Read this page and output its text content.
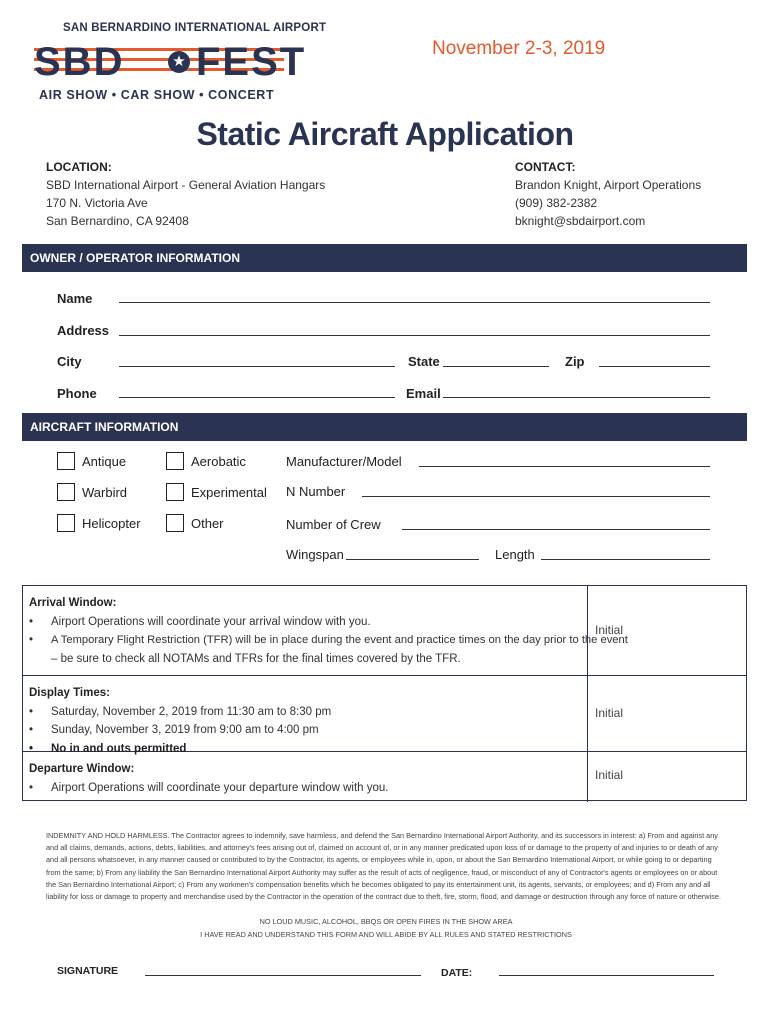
SAN BERNARDINO INTERNATIONAL AIRPORT
SBD	★ FEST
AIR SHOW • CAR SHOW • CONCERT
November 2-3, 2019
Static Aircraft Application
LOCATION:
SBD International Airport - General Aviation Hangars
170 N. Victoria Ave
San Bernardino, CA 92408
CONTACT:
Brandon Knight, Airport Operations
(909) 382-2382
bknight@sbdairport.com
OWNER / OPERATOR INFORMATION
Name
Address
City	State	Zip
Phone	Email
AIRCRAFT INFORMATION
Antique	Aerobatic
Warbird	Experimental
Helicopter	Other
Manufacturer/Model
N Number
Number of Crew
Wingspan	Length
Arrival Window:
•	Airport Operations will coordinate your arrival window with you.
•	A Temporary Flight Restriction (TFR) will be in place during the event and practice times on the day prior to the event
– be sure to check all NOTAMs and TFRs for the final times covered by the TFR.
Initial
Display Times:
•	Saturday, November 2, 2019 from 11:30 am to 8:30 pm
•	Sunday, November 3, 2019 from 9:00 am to 4:00 pm
•	No in and outs permitted
Initial
Departure Window:
•	Airport Operations will coordinate your departure window with you.
Initial
INDEMNITY AND HOLD HARMLESS. The Contractor agrees to indemnify, save harmless, and defend the San Bernardino International Airport Authority, and its successors in interest: a) From and against any and all claims, demands, actions, debts, liabilities, and attorney's fees arising out of, claimed on account of, or in any manner predicated upon loss of or damage to the property of and injuries to or death of any and all persons whatsoever, in any manner caused or contributed to by the Contractor, its agents, or employees while in, upon, or about the San Bernardino International Airport, or while going to or departing from the same; b) From any liability the San Bernardino International Airport Authority may suffer as the result of acts of negligence, fraud, or misconduct of any of Contractor's agents or employees on or about the San Bernardino International Airport; c) From any workmen's compensation benefits which he becomes obligated to pay its entertainment unit, its agents, servants, or employees; and d) From any and all liability for loss or damage to property and merchandise used by the Contractor in the operation of the contract due to theft, fire, storm, flood, and damage or destruction through any force of nature or otherwise.
NO LOUD MUSIC, ALCOHOL, BBQS OR OPEN FIRES IN THE SHOW AREA
I HAVE READ AND UNDERSTAND THIS FORM AND WILL ABIDE BY ALL RULES AND STATED RESTRICTIONS
SIGNATURE	DATE:
